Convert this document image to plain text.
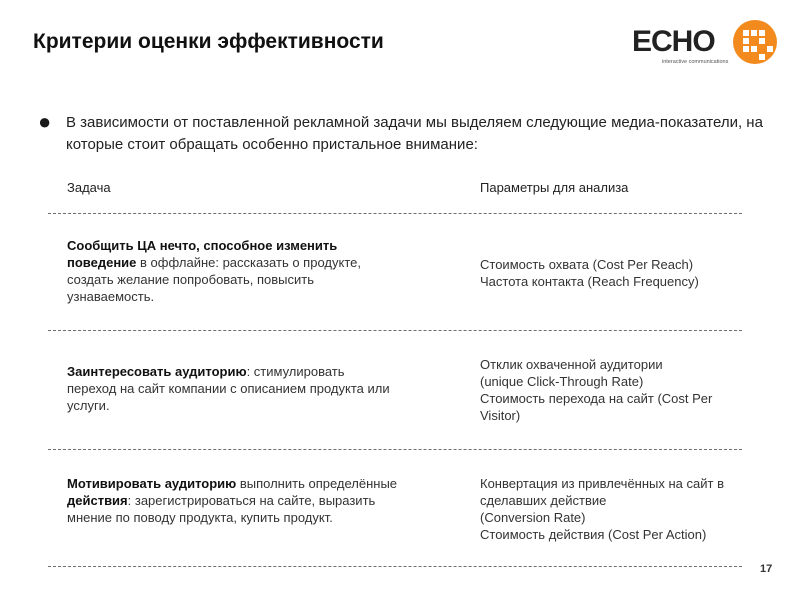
Критерии оценки эффективности	ECHO
interactive communications
● В зависимости от поставленной рекламной задачи мы выделяем следующие медиа-показатели, на которые стоит обращать особенно пристальное внимание:
Задача	Параметры для анализа
Сообщить ЦА нечто, способное изменить поведение в оффлайне: рассказать о продукте, создать желание попробовать, повысить узнаваемость.
Стоимость охвата (Cost Per Reach)
Частота контакта (Reach Frequency)
Заинтересовать аудиторию: стимулировать переход на сайт компании с описанием продукта или услуги.
Отклик охваченной аудитории
(unique Click-Through Rate)
Стоимость перехода на сайт (Cost Per Visitor)
Мотивировать аудиторию выполнить определённые действия: зарегистрироваться на сайте, выразить мнение по поводу продукта, купить продукт.
Конвертация из привлечённых на сайт в сделавших действие
(Conversion Rate)
Стоимость действия (Cost Per Action)
17
